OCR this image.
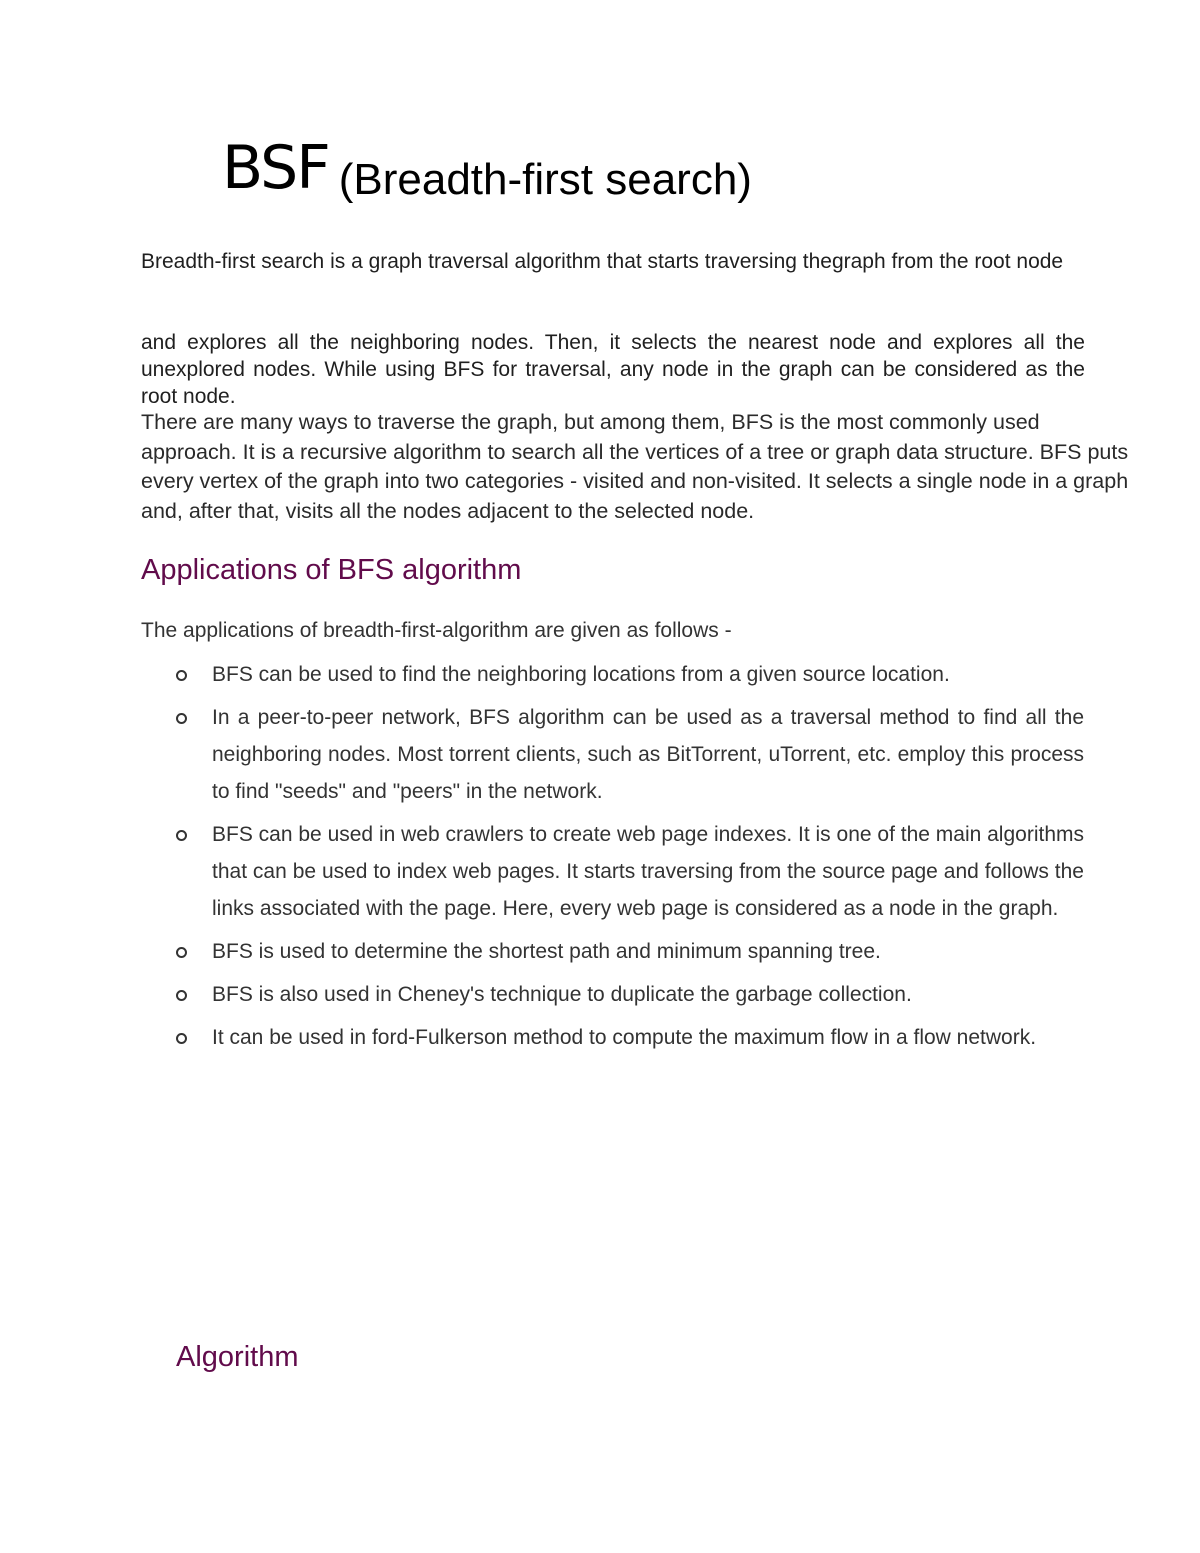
BSF (Breadth-first search)

Breadth-first search is a graph traversal algorithm that starts traversing thegraph from the root node

and explores all the neighboring nodes. Then, it selects the nearest node and explores all the unexplored nodes. While using BFS for traversal, any node in the graph can be considered as the root node.

There are many ways to traverse the graph, but among them, BFS is the most commonly used approach. It is a recursive algorithm to search all the vertices of a tree or graph data structure. BFS puts every vertex of the graph into two categories - visited and non-visited. It selects a single node in a graph and, after that, visits all the nodes adjacent to the selected node.

Applications of BFS algorithm

The applications of breadth-first-algorithm are given as follows -

BFS can be used to find the neighboring locations from a given source location.
In a peer-to-peer network, BFS algorithm can be used as a traversal method to find all the neighboring nodes. Most torrent clients, such as BitTorrent, uTorrent, etc. employ this process to find "seeds" and "peers" in the network.
BFS can be used in web crawlers to create web page indexes. It is one of the main algorithms that can be used to index web pages. It starts traversing from the source page and follows the links associated with the page. Here, every web page is considered as a node in the graph.
BFS is used to determine the shortest path and minimum spanning tree.
BFS is also used in Cheney's technique to duplicate the garbage collection.
It can be used in ford-Fulkerson method to compute the maximum flow in a flow network.
Algorithm
